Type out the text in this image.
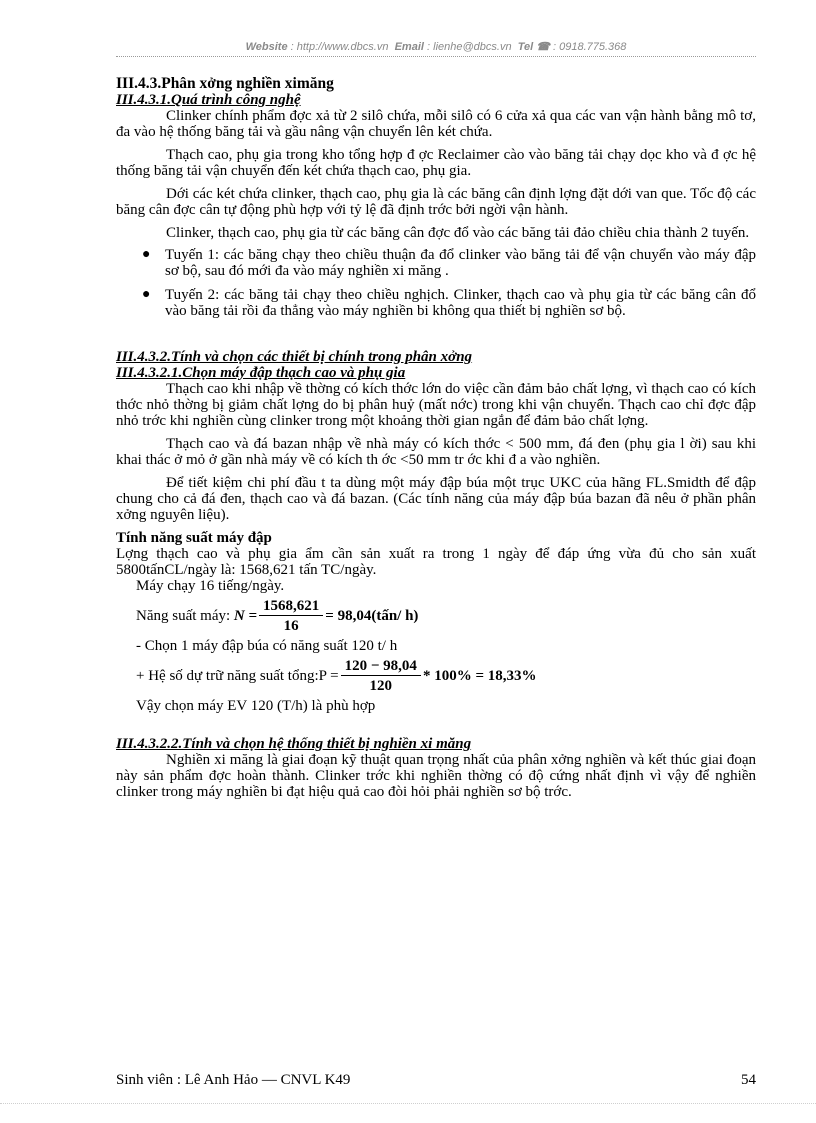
Website : http://www.dbcs.vn Email : lienhe@dbcs.vn Tel ☎ : 0918.775.368

III.4.3.Phân xởng nghiền ximăng

III.4.3.1.Quá trình công nghệ

Clinker chính phẩm đợc xả từ 2 silô chứa, mỗi silô có 6 cửa xả qua các van vận hành bằng mô tơ, đa vào hệ thống băng tải và gầu nâng vận chuyển lên két chứa.

Thạch cao, phụ gia trong kho tổng hợp đ ợc Reclaimer cào vào băng tải chạy dọc kho và đ ợc hệ thống băng tải vận chuyển đến két chứa thạch cao, phụ gia.

Dới các két chứa clinker, thạch cao, phụ gia là các băng cân định lợng đặt dới van que. Tốc độ các băng cân đợc cân tự động phù hợp với tỷ lệ đã định trớc bởi ngời vận hành.

Clinker, thạch cao, phụ gia từ các băng cân đợc đổ vào các băng tải đảo chiều chia thành 2 tuyến.

● Tuyến 1: các băng chạy theo chiều thuận đa đổ clinker vào băng tải để vận chuyển vào máy đập sơ bộ, sau đó mới đa vào máy nghiền xi măng .
● Tuyến 2: các băng tải chạy theo chiều nghịch. Clinker, thạch cao và phụ gia từ các băng cân đổ vào băng tải rồi đa thẳng vào máy nghiền bi không qua thiết bị nghiền sơ bộ.

III.4.3.2.Tính và chọn các thiết bị chính trong phân xởng

III.4.3.2.1.Chọn máy đập thạch cao và phụ gia

Thạch cao khi nhập về thờng có kích thớc lớn do việc cần đảm bảo chất lợng, vì thạch cao có kích thớc nhỏ thờng bị giảm chất lợng do bị phân huỷ (mất nớc) trong khi vận chuyển. Thạch cao chỉ đợc đập nhỏ trớc khi nghiền cùng clinker trong một khoảng thời gian ngắn để đảm bảo chất lợng.

Thạch cao và đá bazan nhập về nhà máy có kích thớc < 500 mm, đá đen (phụ gia l ời) sau khi khai thác ở mỏ ở gần nhà máy về có kích th ớc <50 mm tr ớc khi đ a vào nghiền.

Để tiết kiệm chi phí đầu t ta dùng một máy đập búa một trục UKC của hãng FL.Smidth để đập chung cho cả đá đen, thạch cao và đá bazan. (Các tính năng của máy đập búa bazan đã nêu ở phần phân xởng nguyên liệu).

Tính năng suất máy đập

Lợng thạch cao và phụ gia ẩm cần sản xuất ra trong 1 ngày để đáp ứng vừa đủ cho sản xuất 5800tấnCL/ngày là: 1568,621 tấn TC/ngày.

Máy chạy 16 tiếng/ngày.

Năng suất máy:
$N = \frac{1568,621}{16}$ = 98,04(tấn/ h)

- Chọn 1 máy đập búa có năng suất 120 t/ h

+ Hệ số dự trữ năng suất tổng:P = $\frac{120 - 98,04}{120} * 100\% = 18,33\%$

Vậy chọn máy EV 120 (T/h) là phù hợp

III.4.3.2.2.Tính và chọn hệ thống thiết bị nghiền xi măng

Nghiền xi măng là giai đoạn kỹ thuật quan trọng nhất của phân xởng nghiền và kết thúc giai đoạn này sản phẩm đợc hoàn thành. Clinker trớc khi nghiền thờng có độ cứng nhất định vì vậy để nghiền clinker trong máy nghiền bi đạt hiệu quả cao đòi hỏi phải nghiền sơ bộ trớc.

Sinh viên : Lê Anh Hảo — CNVL K49	54
